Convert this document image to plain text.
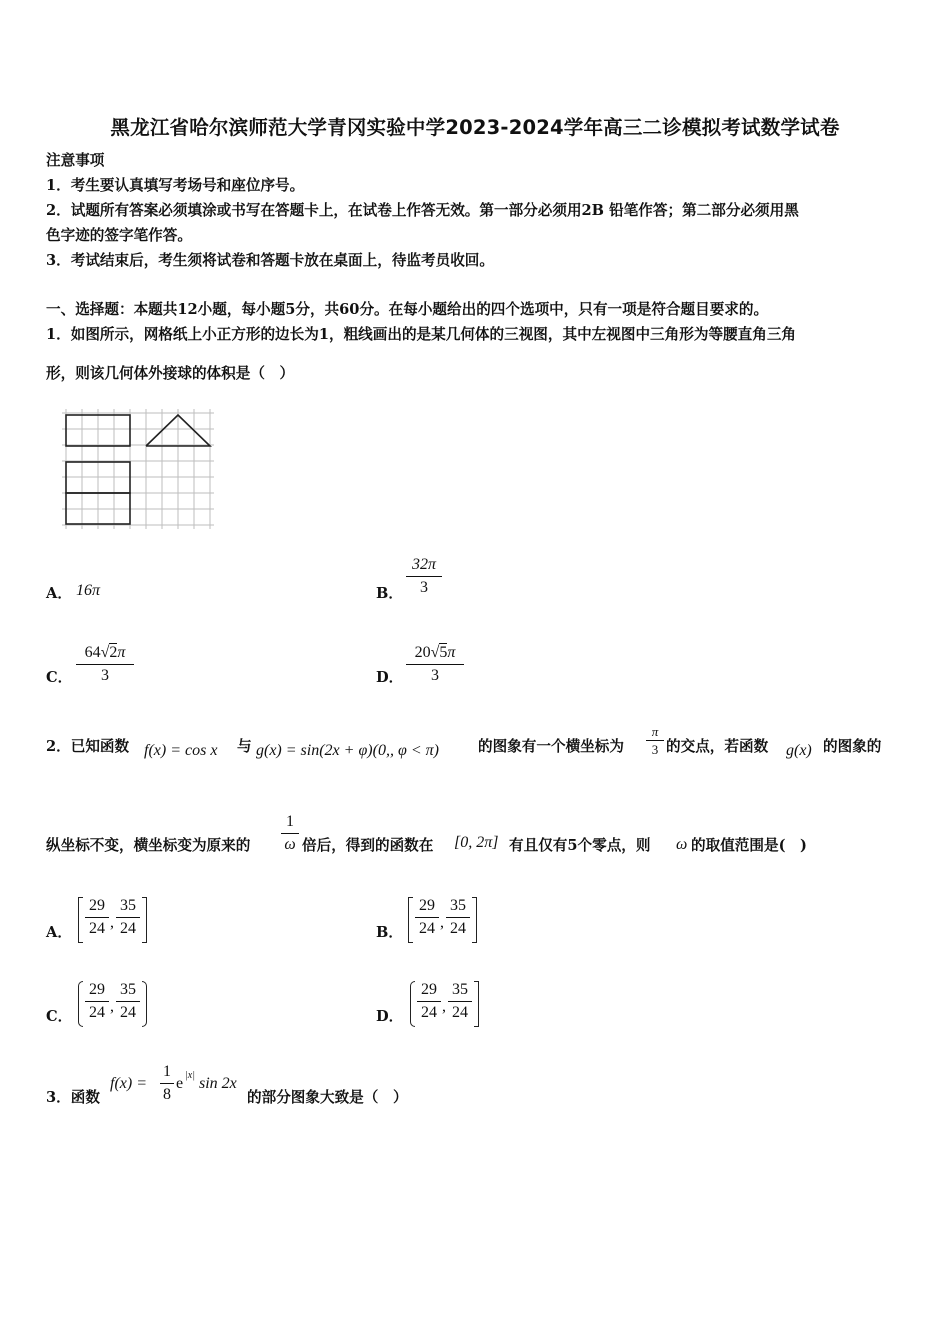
黑龙江省哈尔滨师范大学青冈实验中学2023-2024学年高三二诊模拟考试数学试卷
注意事项
1．考生要认真填写考场号和座位序号。
2．试题所有答案必须填涂或书写在答题卡上，在试卷上作答无效。第一部分必须用2B 铅笔作答；第二部分必须用黑
色字迹的签字笔作答。
3．考试结束后，考生须将试卷和答题卡放在桌面上，待监考员收回。
一、选择题：本题共12小题，每小题5分，共60分。在每小题给出的四个选项中，只有一项是符合题目要求的。
1．如图所示，网格纸上小正方形的边长为1，粗线画出的是某几何体的三视图，其中左视图中三角形为等腰直角三角
形，则该几何体外接球的体积是（　）
A． 16π	B．
32π
3
C．
64√2π
3	D．
20√5π
3
2．已知函数 f(x) = cos x 与 g(x) = sin(2x + φ)(0,, φ < π)	的图象有一个横坐标为
π
3 的交点，若函数 g(x) 的图象的
纵坐标不变，横坐标变为原来的
1
ω 倍后，得到的函数在 [0, 2π] 有且仅有5个零点，则 ω 的取值范围是(　)
A．
29
24 ,
35
24	B．
29
24 ,
35
24
C．
29
24 ,
35
24	D．
29
24 ,
35
24
3．函数
f(x) =
1
8
e |x| sin 2x
的部分图象大致是（　）
